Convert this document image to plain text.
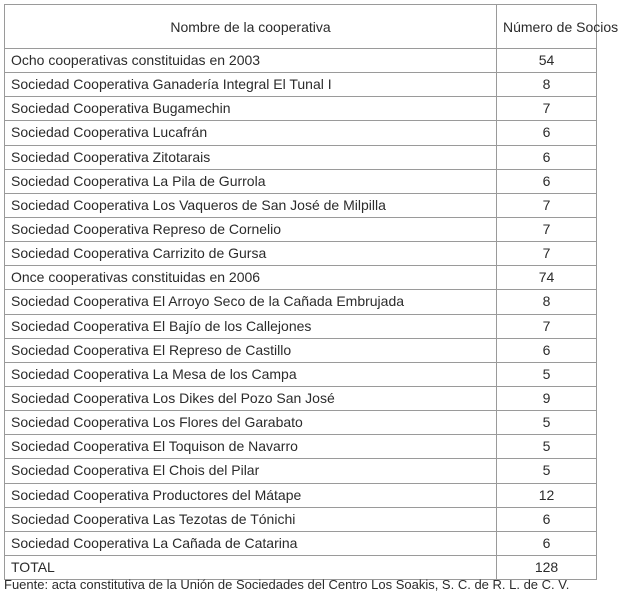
Nombre de la cooperativa	Número de Socios
Ocho cooperativas constituidas en 2003	54
Sociedad Cooperativa Ganadería Integral El Tunal I	8
Sociedad Cooperativa Bugamechin	7
Sociedad Cooperativa Lucafrán	6
Sociedad Cooperativa Zitotarais	6
Sociedad Cooperativa La Pila de Gurrola	6
Sociedad Cooperativa Los Vaqueros de San José de Milpilla	7
Sociedad Cooperativa Represo de Cornelio	7
Sociedad Cooperativa Carrizito de Gursa	7
Once cooperativas constituidas en 2006	74
Sociedad Cooperativa El Arroyo Seco de la Cañada Embrujada	8
Sociedad Cooperativa El Bajío de los Callejones	7
Sociedad Cooperativa El Represo de Castillo	6
Sociedad Cooperativa La Mesa de los Campa	5
Sociedad Cooperativa Los Dikes del Pozo San José	9
Sociedad Cooperativa Los Flores del Garabato	5
Sociedad Cooperativa El Toquison de Navarro	5
Sociedad Cooperativa El Chois del Pilar	5
Sociedad Cooperativa Productores del Mátape	12
Sociedad Cooperativa Las Tezotas de Tónichi	6
Sociedad Cooperativa La Cañada de Catarina	6
TOTAL	128
Fuente: acta constitutiva de la Unión de Sociedades del Centro Los Soakis, S. C. de R. L. de C. V.
